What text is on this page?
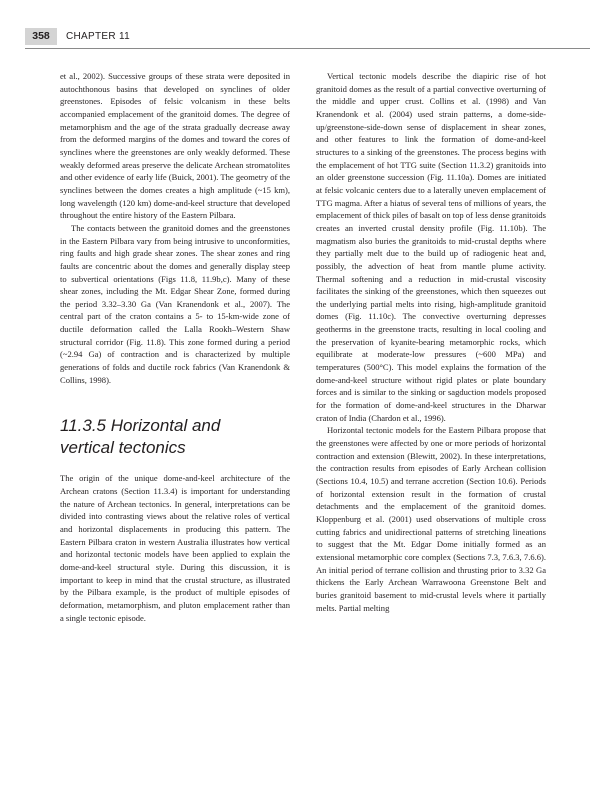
358	CHAPTER 11

et al., 2002). Successive groups of these strata were deposited in autochthonous basins that developed on synclines of older greenstones. Episodes of felsic volcanism in these belts accompanied emplacement of the granitoid domes. The degree of metamorphism and the age of the strata gradually decrease away from the deformed margins of the domes and toward the cores of synclines where the greenstones are only weakly deformed. These weakly deformed areas preserve the delicate Archean stromatolites and other evidence of early life (Buick, 2001). The geometry of the synclines between the domes creates a high amplitude (~15 km), long wavelength (120 km) dome-and-keel structure that developed throughout the entire history of the Eastern Pilbara.

The contacts between the granitoid domes and the greenstones in the Eastern Pilbara vary from being intrusive to unconformities, ring faults and high grade shear zones. The shear zones and ring faults are concentric about the domes and generally display steep to subvertical orientations (Figs 11.8, 11.9b,c). Many of these shear zones, including the Mt. Edgar Shear Zone, formed during the period 3.32–3.30 Ga (Van Kranendonk et al., 2007). The central part of the craton contains a 5- to 15-km-wide zone of ductile deformation called the Lalla Rookh–Western Shaw structural corridor (Fig. 11.8). This zone formed during a period (~2.94 Ga) of contraction and is characterized by multiple generations of folds and ductile rock fabrics (Van Kranendonk & Collins, 1998).

11.3.5 Horizontal and vertical tectonics

The origin of the unique dome-and-keel architecture of the Archean cratons (Section 11.3.4) is important for understanding the nature of Archean tectonics. In general, interpretations can be divided into contrasting views about the relative roles of vertical and horizontal displacements in producing this pattern. The Eastern Pilbara craton in western Australia illustrates how vertical and horizontal tectonic models have been applied to explain the dome-and-keel structural style. During this discussion, it is important to keep in mind that the crustal structure, as illustrated by the Pilbara example, is the product of multiple episodes of deformation, metamorphism, and pluton emplacement rather than a single tectonic episode.

Vertical tectonic models describe the diapiric rise of hot granitoid domes as the result of a partial convective overturning of the middle and upper crust. Collins et al. (1998) and Van Kranendonk et al. (2004) used strain patterns, a dome-side-up/greenstone-side-down sense of displacement in shear zones, and other features to link the formation of dome-and-keel structures to a sinking of the greenstones. The process begins with the emplacement of hot TTG suite (Section 11.3.2) granitoids into an older greenstone succession (Fig. 11.10a). Domes are initiated at felsic volcanic centers due to a laterally uneven emplacement of TTG magma. After a hiatus of several tens of millions of years, the emplacement of thick piles of basalt on top of less dense granitoids creates an inverted crustal density profile (Fig. 11.10b). The magmatism also buries the granitoids to mid-crustal depths where they partially melt due to the build up of radiogenic heat and, possibly, the advection of heat from mantle plume activity. Thermal softening and a reduction in mid-crustal viscosity facilitates the sinking of the greenstones, which then squeezes out the underlying partial melts into rising, high-amplitude granitoid domes (Fig. 11.10c). The convective overturning depresses geotherms in the greenstone tracts, resulting in local cooling and the preservation of kyanite-bearing metamorphic rocks, which equilibrate at moderate-low pressures (~600 MPa) and temperatures (500°C). This model explains the formation of the dome-and-keel structure without rigid plates or plate boundary forces and is similar to the sinking or sagduction models proposed for the formation of dome-and-keel structures in the Dharwar craton of India (Chardon et al., 1996).

Horizontal tectonic models for the Eastern Pilbara propose that the greenstones were affected by one or more periods of horizontal contraction and extension (Blewitt, 2002). In these interpretations, the contraction results from episodes of Early Archean collision (Sections 10.4, 10.5) and terrane accretion (Section 10.6). Periods of horizontal extension result in the formation of crustal detachments and the emplacement of the granitoid domes. Kloppenburg et al. (2001) used observations of multiple cross cutting fabrics and unidirectional patterns of stretching lineations to suggest that the Mt. Edgar Dome initially formed as an extensional metamorphic core complex (Sections 7.3, 7.6.3, 7.6.6). An initial period of terrane collision and thrusting prior to 3.32 Ga thickens the Early Archean Warrawoona Greenstone Belt and buries granitoid basement to mid-crustal levels where it partially melts. Partial melting
